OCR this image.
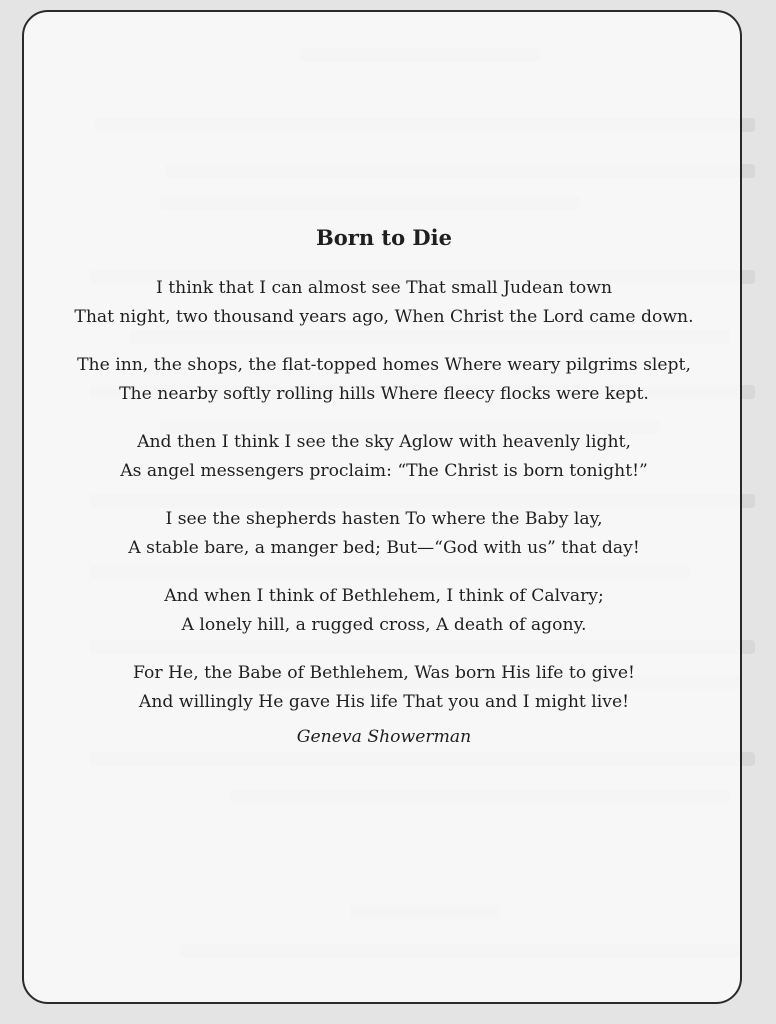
Born to Die
I think that I can almost see That small Judean town
That night, two thousand years ago, When Christ the Lord came down.
The inn, the shops, the flat-topped homes Where weary pilgrims slept,
The nearby softly rolling hills Where fleecy flocks were kept.
And then I think I see the sky Aglow with heavenly light,
As angel messengers proclaim: “The Christ is born tonight!”
I see the shepherds hasten To where the Baby lay,
A stable bare, a manger bed; But—“God with us” that day!
And when I think of Bethlehem, I think of Calvary;
A lonely hill, a rugged cross, A death of agony.
For He, the Babe of Bethlehem, Was born His life to give!
And willingly He gave His life That you and I might live!
Geneva Showerman
